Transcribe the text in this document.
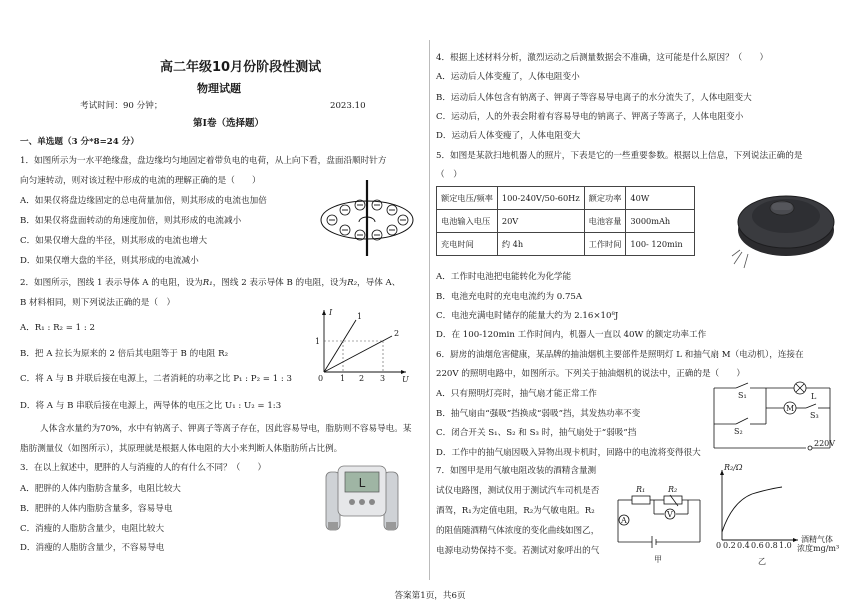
高二年级10月份阶段性测试
物理试题
考试时间：90 分钟；	2023.10
第Ⅰ卷（选择题）
一、单选题（3 分*8=24 分）
1．如图所示为一水平绝缘盘，盘边缘均匀地固定着带负电的电荷，从上向下看，盘面沿顺时针方
向匀速转动，则对该过程中形成的电流的理解正确的是（　　）
A．如果仅将盘边缘固定的总电荷量加倍，则其形成的电流也加倍
B．如果仅将盘面转动的角速度加倍，则其形成的电流减小
C．如果仅增大盘的半径，则其形成的电流也增大
D．如果仅增大盘的半径，则其形成的电流减小
2．如图所示，图线 1 表示导体 A 的电阻，设为R₁，图线 2 表示导体 B 的电阻，设为R₂，导体 A、
B 材料相同，则下列说法正确的是（　）
A．R₁ : R₂ = 1 : 2
B．把 A 拉长为原来的 2 倍后其电阻等于 B 的电阻 R₂
C．将 A 与 B 并联后接在电源上，二者消耗的功率之比 P₁ : P₂ = 1 : 3
D．将 A 与 B 串联后接在电源上，两导体的电压之比 U₁ : U₂ = 1:3
I
U
0
1
1 2 3
1
2
人体含水量约为70%，水中有钠离子、钾离子等离子存在，因此容易导电，脂肪则不容易导电。某
脂肪测量仪（如图所示），其原理就是根据人体电阻的大小来判断人体脂肪所占比例。
3．在以上叙述中，肥胖的人与消瘦的人的有什么不同？（　　）
A．肥胖的人体内脂肪含量多，电阻比较大
B．肥胖的人体内脂肪含量多，容易导电
C．消瘦的人脂肪含量少，电阻比较大
D．消瘦的人脂肪含量少，不容易导电
L
4．根据上述材料分析，激烈运动之后测量数据会不准确，这可能是什么原因？（　　）
A．运动后人体变瘦了，人体电阻变小
B．运动后人体包含有钠离子、钾离子等容易导电离子的水分流失了，人体电阻变大
C．运动后，人的外表会附着有容易导电的钠离子、钾离子等离子，人体电阻变小
D．运动后人体变瘦了，人体电阻变大
5．如图是某款扫地机器人的照片，下表是它的一些重要参数。根据以上信息，下列说法正确的是
（　）
额定电压/频率	100-240V/50-60Hz	额定功率	40W
电池输入电压	20V	电池容量	3000mAh
充电时间	约 4h	工作时间	100- 120min
A．工作时电池把电能转化为化学能
B．电池充电时的充电电流约为 0.75A
C．电池充满电时储存的能量大约为 2.16×10⁸J
D．在 100-120min 工作时间内，机器人一直以 40W 的额定功率工作
6．厨房的油烟危害健康，某品牌的抽油烟机主要部件是照明灯 L 和抽气扇 M（电动机），连接在
220V 的照明电路中，如图所示。下列关于抽油烟机的说法中，正确的是（　　）
A．只有照明灯亮时，抽气扇才能正常工作
B．抽气扇由“强吸”挡换成“弱吸”挡，其发热功率不变
C．闭合开关 S₁、S₂ 和 S₃ 时，抽气扇处于“弱吸”挡
D．工作中的抽气扇因吸入异物出现卡机时，回路中的电流将变得很大
S₁
S₂
S₃
L
M
220V
7．如图甲是用气敏电阻改装的酒精含量测
试仪电路图，测试仪用于测试汽车司机是否
酒驾，R₁为定值电阻，R₂为气敏电阻。R₂
的阻值随酒精气体浓度的变化曲线如图乙，
电源电动势保持不变。若测试对象呼出的气
R₁	R₂
A
V
甲
R₂/Ω
0 0.2 0.4 0.6 0.8 1.0
酒精气体
浓度mg/m³
乙
答案第1页，共6页
